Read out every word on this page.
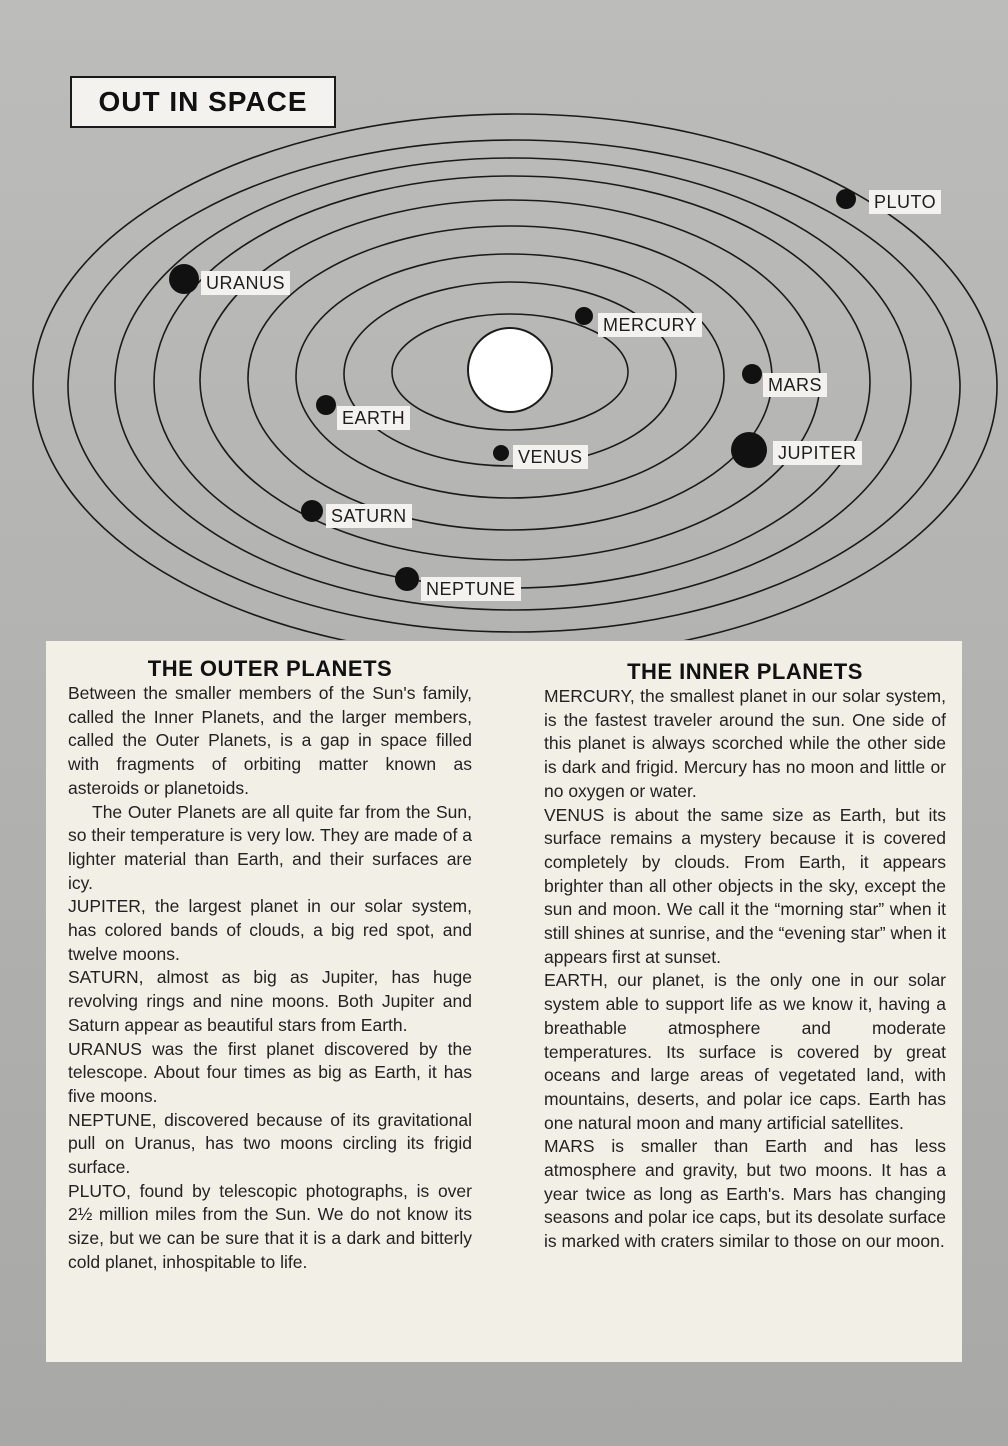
OUT IN SPACE
PLUTO
URANUS
MERCURY
MARS
EARTH
JUPITER
VENUS
SATURN
NEPTUNE
THE OUTER PLANETS

Between the smaller members of the Sun's family, called the Inner Planets, and the larger members, called the Outer Planets, is a gap in space filled with fragments of orbiting matter known as asteroids or planetoids.

The Outer Planets are all quite far from the Sun, so their temperature is very low. They are made of a lighter material than Earth, and their surfaces are icy.

JUPITER, the largest planet in our solar system, has colored bands of clouds, a big red spot, and twelve moons.

SATURN, almost as big as Jupiter, has huge revolving rings and nine moons. Both Jupiter and Saturn appear as beautiful stars from Earth.

URANUS was the first planet discovered by the telescope. About four times as big as Earth, it has five moons.

NEPTUNE, discovered because of its gravitational pull on Uranus, has two moons circling its frigid surface.

PLUTO, found by telescopic photographs, is over 2½ million miles from the Sun. We do not know its size, but we can be sure that it is a dark and bitterly cold planet, inhospitable to life.

THE INNER PLANETS

MERCURY, the smallest planet in our solar system, is the fastest traveler around the sun. One side of this planet is always scorched while the other side is dark and frigid. Mercury has no moon and little or no oxygen or water.

VENUS is about the same size as Earth, but its surface remains a mystery because it is covered completely by clouds. From Earth, it appears brighter than all other objects in the sky, except the sun and moon. We call it the “morning star” when it still shines at sunrise, and the “evening star” when it appears first at sunset.

EARTH, our planet, is the only one in our solar system able to support life as we know it, having a breathable atmosphere and moderate temperatures. Its surface is covered by great oceans and large areas of vegetated land, with mountains, deserts, and polar ice caps. Earth has one natural moon and many artificial satellites.

MARS is smaller than Earth and has less atmosphere and gravity, but two moons. It has a year twice as long as Earth's. Mars has changing seasons and polar ice caps, but its desolate surface is marked with craters similar to those on our moon.
